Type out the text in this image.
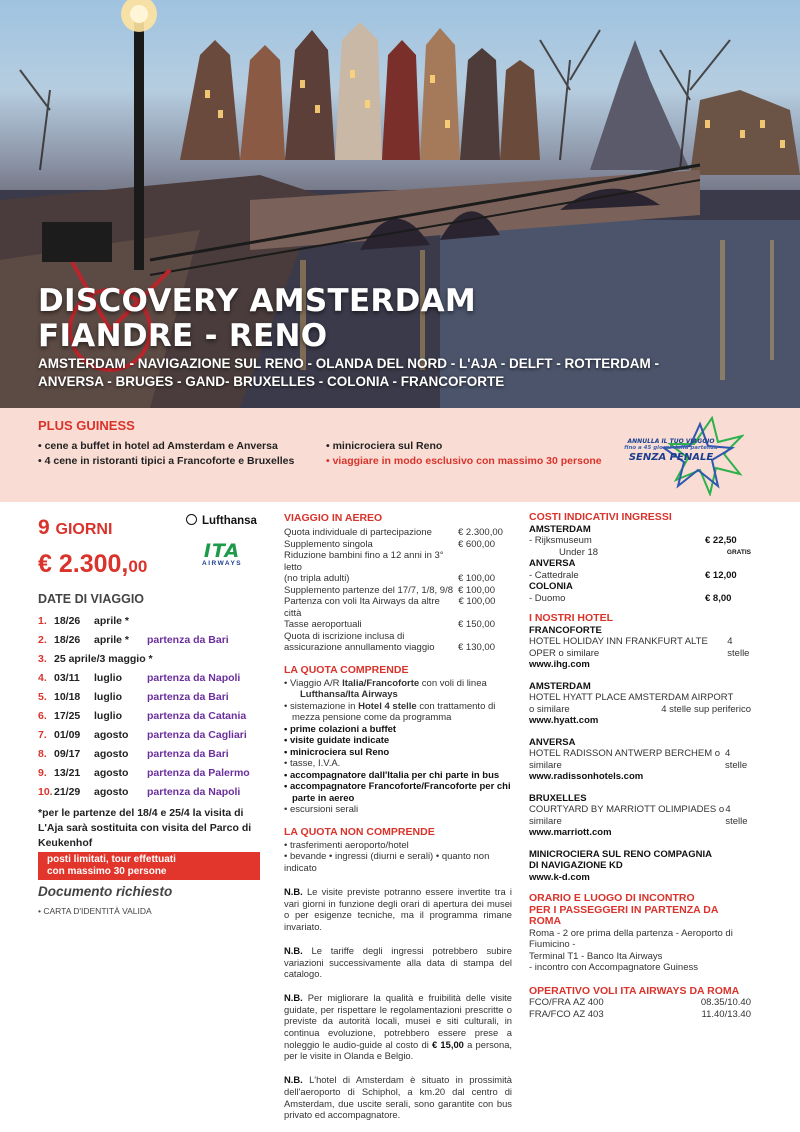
DISCOVERY AMSTERDAM
FIANDRE - RENO
AMSTERDAM - NAVIGAZIONE SUL RENO - OLANDA DEL NORD - L'AJA - DELFT - ROTTERDAM -
ANVERSA - BRUGES - GAND- BRUXELLES - COLONIA - FRANCOFORTE
PLUS GUINESS
• cene a buffet in hotel ad Amsterdam e Anversa
• 4 cene in ristoranti tipici a Francoforte e Bruxelles
• minicrociera sul Reno
• viaggiare in modo esclusivo con massimo 30 persone
ANNULLA IL TUO VIAGGIO
fino a 45 giorni dalla partenza
SENZA PENALE
9 GIORNI
€ 2.300,00
Lufthansa
ITA
AIRWAYS
DATE DI VIAGGIO
1. 18/26 aprile *
2. 18/26 aprile * partenza da Bari
3. 25 aprile/3 maggio *
4. 03/11 luglio partenza da Napoli
5. 10/18 luglio partenza da Bari
6. 17/25 luglio partenza da Catania
7. 01/09 agosto partenza da Cagliari
8. 09/17 agosto partenza da Bari
9. 13/21 agosto partenza da Palermo
10.21/29 agosto partenza da Napoli
*per le partenze del 18/4 e 25/4 la visita di L'Aja sarà sostituita con visita del Parco di Keukenhof
posti limitati, tour effettuati
con massimo 30 persone
Documento richiesto
• CARTA D'IDENTITÀ VALIDA
VIAGGIO IN AEREO
Quota individuale di partecipazione	€ 2.300,00
Supplemento singola	€ 600,00
Riduzione bambini fino a 12 anni in 3° letto
(no tripla adulti)	€ 100,00
Supplemento partenze del 17/7, 1/8, 9/8 € 100,00
Partenza con voli Ita Airways da altre città
€ 100,00
Tasse aeroportuali	€ 150,00
Quota di iscrizione inclusa di
assicurazione annullamento viaggio € 130,00
LA QUOTA COMPRENDE
• Viaggio A/R Italia/Francoforte con voli di linea
Lufthansa/Ita Airways
• sistemazione in Hotel 4 stelle con trattamento di mezza pensione come da programma
• prime colazioni a buffet
• visite guidate indicate
• minicrociera sul Reno
• tasse, I.V.A.
• accompagnatore dall'Italia per chi parte in bus
• accompagnatore Francoforte/Francoforte per chi parte in aereo
• escursioni serali
LA QUOTA NON COMPRENDE
• trasferimenti aeroporto/hotel
• bevande • ingressi (diurni e serali) • quanto non indicato

N.B. Le visite previste potranno essere invertite tra i vari giorni in funzione degli orari di apertura dei musei o per esigenze tecniche, ma il programma rimane invariato.

N.B. Le tariffe degli ingressi potrebbero subire variazioni successivamente alla data di stampa del catalogo.

N.B. Per migliorare la qualità e fruibilità delle visite guidate, per rispettare le regolamentazioni prescritte o previste da autorità locali, musei e siti culturali, in continua evoluzione, potrebbero essere prese a noleggio le audio-guide al costo di € 15,00 a persona, per le visite in Olanda e Belgio.

N.B. L'hotel di Amsterdam è situato in prossimità dell'aeroporto di Schiphol, a km.20 dal centro di Amsterdam, due uscite serali, sono garantite con bus privato ed accompagnatore.

COSTI INDICATIVI INGRESSI
AMSTERDAM
- Rijksmuseum	€ 22,50
Under 18	GRATIS
ANVERSA
- Cattedrale	€ 12,00
COLONIA
- Duomo	€ 8,00
I NOSTRI HOTEL
FRANCOFORTE
HOTEL HOLIDAY INN FRANKFURT ALTE OPER o similare
4 stelle
www.ihg.com
AMSTERDAM
HOTEL HYATT PLACE AMSTERDAM AIRPORT
o similare	4 stelle sup periferico
www.hyatt.com
ANVERSA
HOTEL RADISSON ANTWERP BERCHEM o similare
4 stelle
www.radissonhotels.com
BRUXELLES
COURTYARD BY MARRIOTT OLIMPIADES o similare
4 stelle
www.marriott.com
MINICROCIERA SUL RENO COMPAGNIA
DI NAVIGAZIONE KD
www.k-d.com
ORARIO E LUOGO DI INCONTRO
PER I PASSEGGERI IN PARTENZA DA ROMA
Roma - 2 ore prima della partenza - Aeroporto di Fiumicino -
Terminal T1 - Banco Ita Airways
- incontro con Accompagnatore Guiness
OPERATIVO VOLI ITA AIRWAYS DA ROMA
FCO/FRA AZ 400	08.35/10.40
FRA/FCO AZ 403	11.40/13.40
